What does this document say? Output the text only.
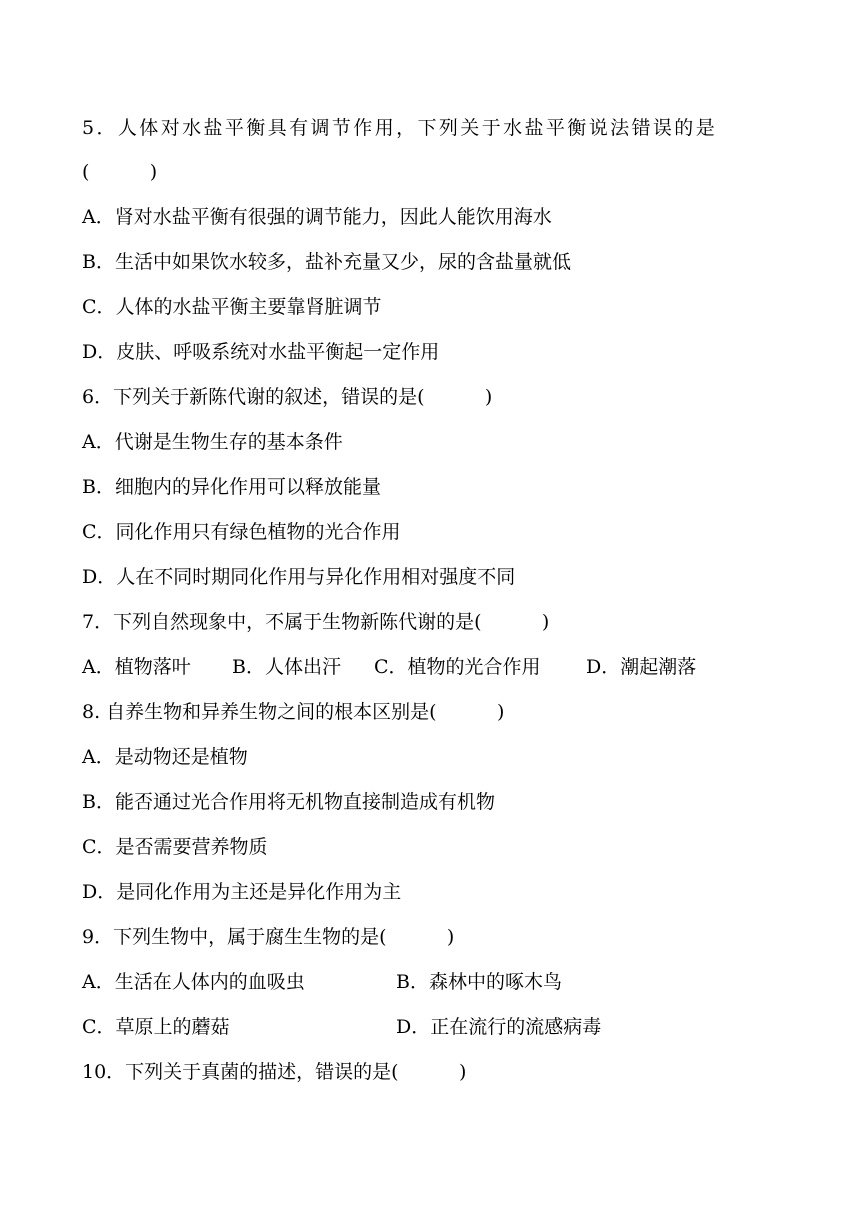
5．人体对水盐平衡具有调节作用，下列关于水盐平衡说法错误的是
(          )
A．肾对水盐平衡有很强的调节能力，因此人能饮用海水
B．生活中如果饮水较多，盐补充量又少，尿的含盐量就低
C．人体的水盐平衡主要靠肾脏调节
D．皮肤、呼吸系统对水盐平衡起一定作用
6．下列关于新陈代谢的叙述，错误的是(          )
A．代谢是生物生存的基本条件
B．细胞内的异化作用可以释放能量
C．同化作用只有绿色植物的光合作用
D．人在不同时期同化作用与异化作用相对强度不同
7．下列自然现象中，不属于生物新陈代谢的是(          )
A．植物落叶 B．人体出汗 C．植物的光合作用 D．潮起潮落
8. 自养生物和异养生物之间的根本区别是(          )
A．是动物还是植物
B．能否通过光合作用将无机物直接制造成有机物
C．是否需要营养物质
D．是同化作用为主还是异化作用为主
9．下列生物中，属于腐生生物的是(          )
A．生活在人体内的血吸虫	B．森林中的啄木鸟
C．草原上的蘑菇	D．正在流行的流感病毒
10．下列关于真菌的描述，错误的是(          )
